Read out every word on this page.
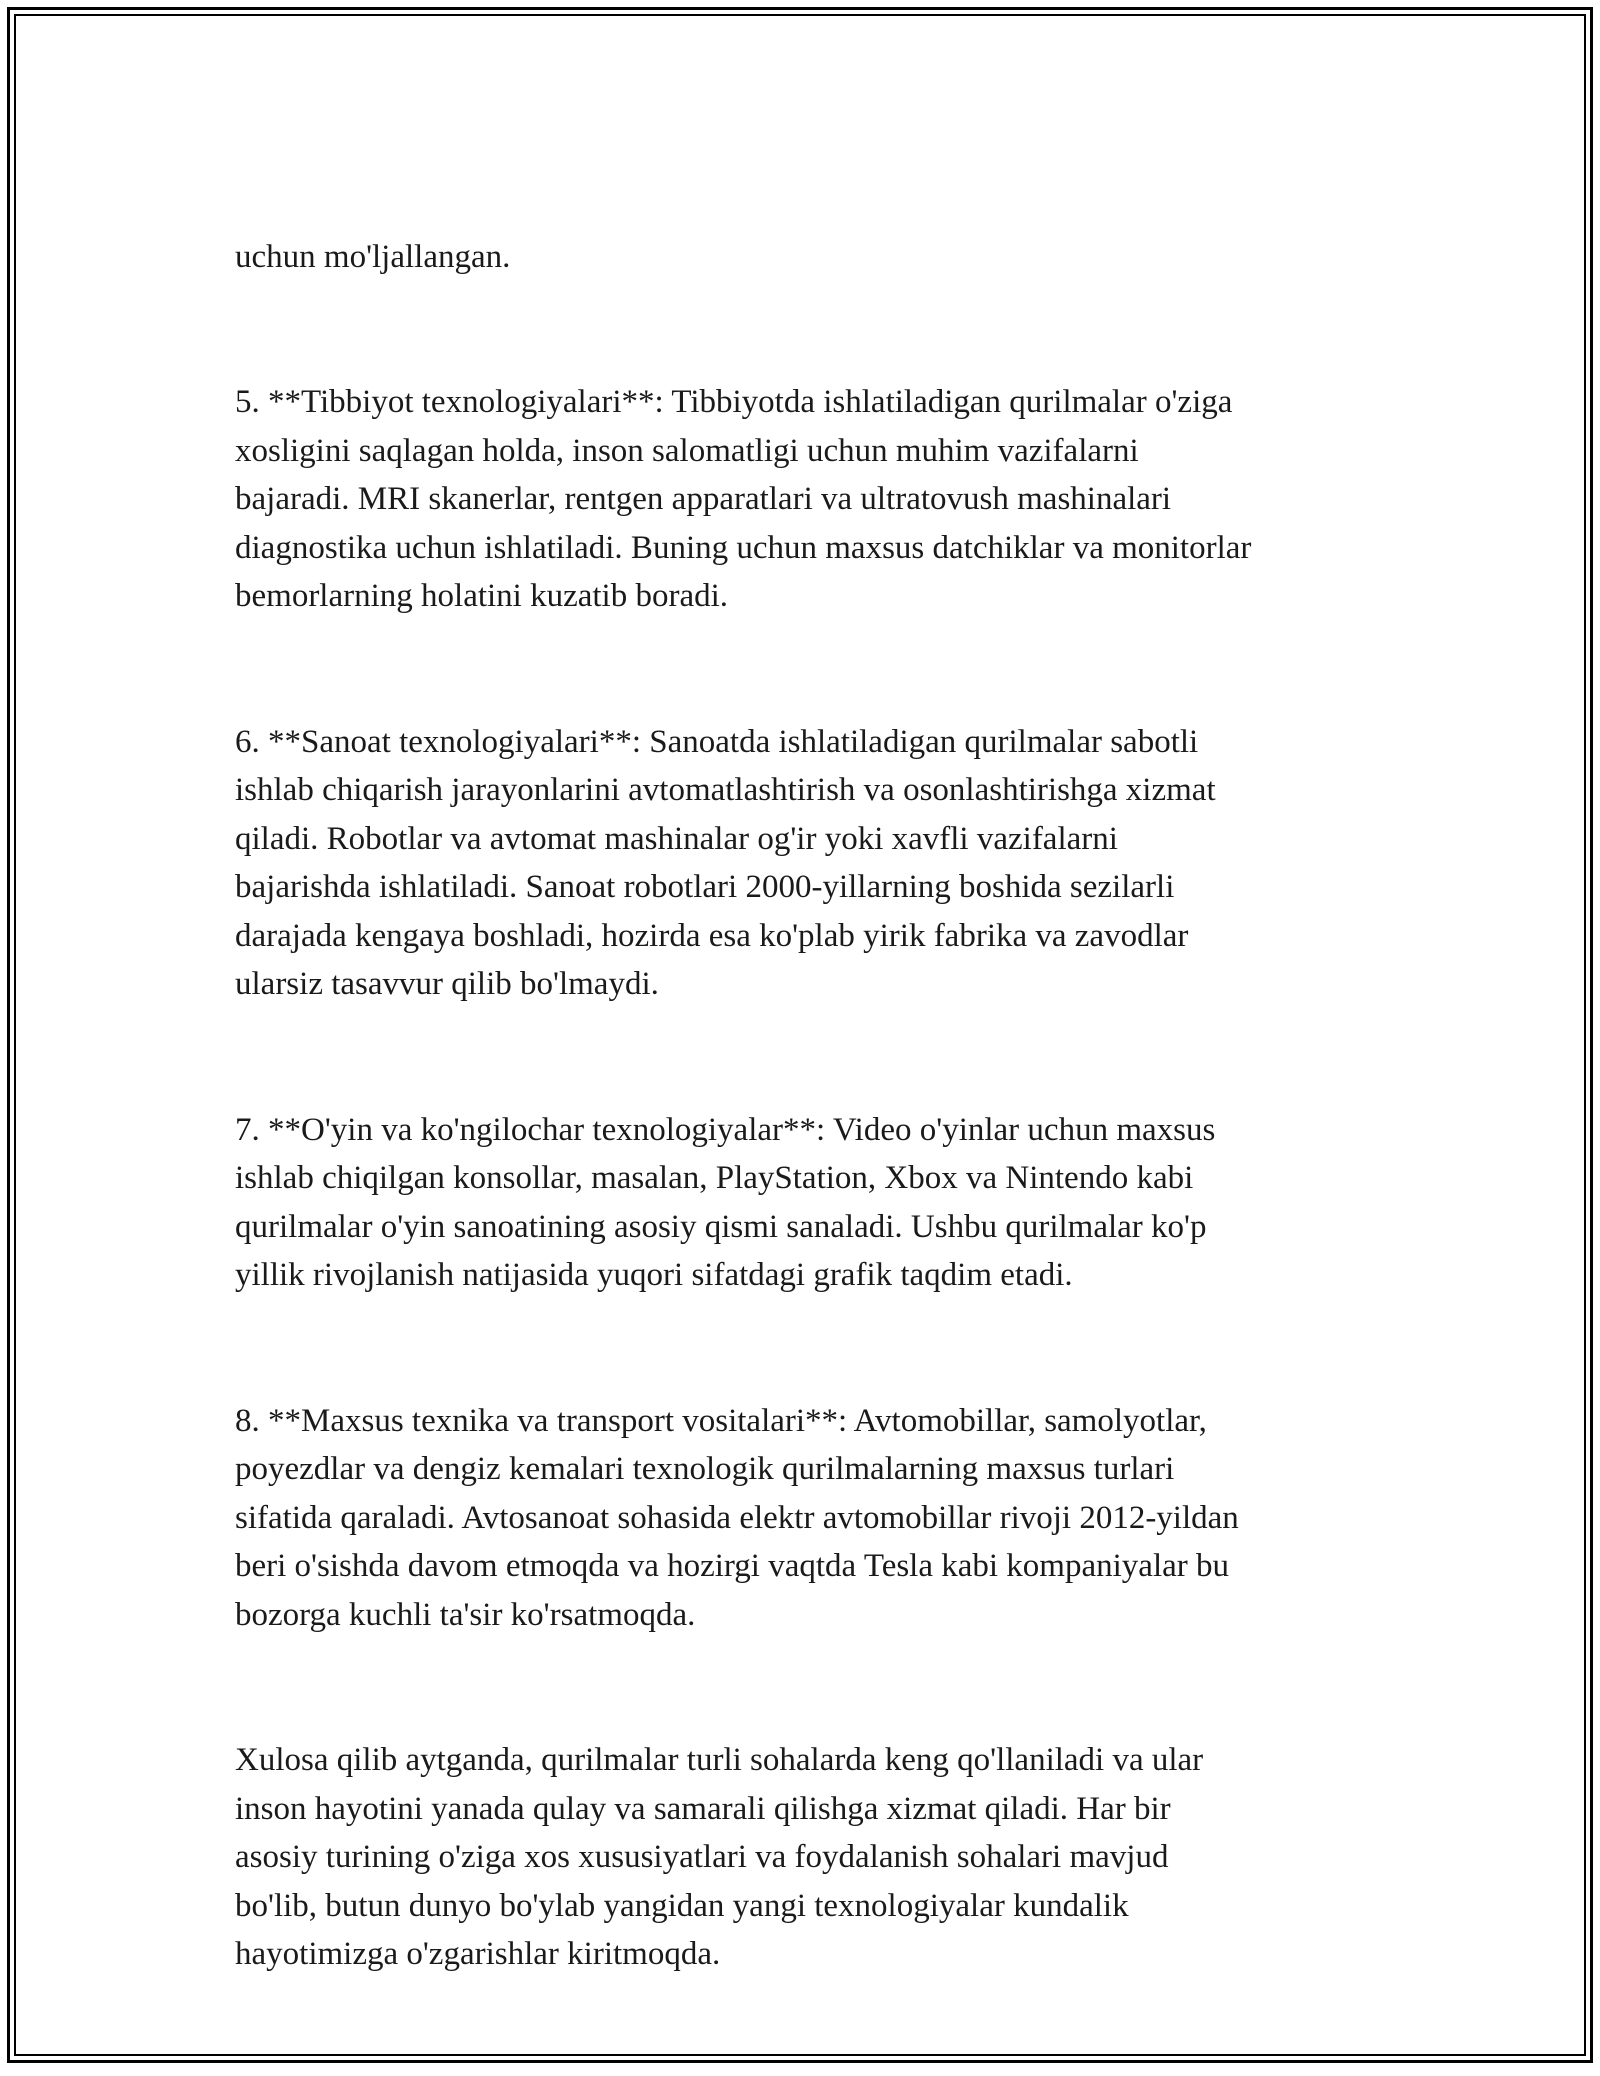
uchun mo'ljallangan.

5. **Tibbiyot texnologiyalari**: Tibbiyotda ishlatiladigan qurilmalar o'ziga
xosligini saqlagan holda, inson salomatligi uchun muhim vazifalarni
bajaradi. MRI skanerlar, rentgen apparatlari va ultratovush mashinalari
diagnostika uchun ishlatiladi. Buning uchun maxsus datchiklar va monitorlar
bemorlarning holatini kuzatib boradi.

6. **Sanoat texnologiyalari**: Sanoatda ishlatiladigan qurilmalar sabotli
ishlab chiqarish jarayonlarini avtomatlashtirish va osonlashtirishga xizmat
qiladi. Robotlar va avtomat mashinalar og'ir yoki xavfli vazifalarni
bajarishda ishlatiladi. Sanoat robotlari 2000-yillarning boshida sezilarli
darajada kengaya boshladi, hozirda esa ko'plab yirik fabrika va zavodlar
ularsiz tasavvur qilib bo'lmaydi.

7. **O'yin va ko'ngilochar texnologiyalar**: Video o'yinlar uchun maxsus
ishlab chiqilgan konsollar, masalan, PlayStation, Xbox va Nintendo kabi
qurilmalar o'yin sanoatining asosiy qismi sanaladi. Ushbu qurilmalar ko'p
yillik rivojlanish natijasida yuqori sifatdagi grafik taqdim etadi.

8. **Maxsus texnika va transport vositalari**: Avtomobillar, samolyotlar,
poyezdlar va dengiz kemalari texnologik qurilmalarning maxsus turlari
sifatida qaraladi. Avtosanoat sohasida elektr avtomobillar rivoji 2012-yildan
beri o'sishda davom etmoqda va hozirgi vaqtda Tesla kabi kompaniyalar bu
bozorga kuchli ta'sir ko'rsatmoqda.

Xulosa qilib aytganda, qurilmalar turli sohalarda keng qo'llaniladi va ular
inson hayotini yanada qulay va samarali qilishga xizmat qiladi. Har bir
asosiy turining o'ziga xos xususiyatlari va foydalanish sohalari mavjud
bo'lib, butun dunyo bo'ylab yangidan yangi texnologiyalar kundalik
hayotimizga o'zgarishlar kiritmoqda.
